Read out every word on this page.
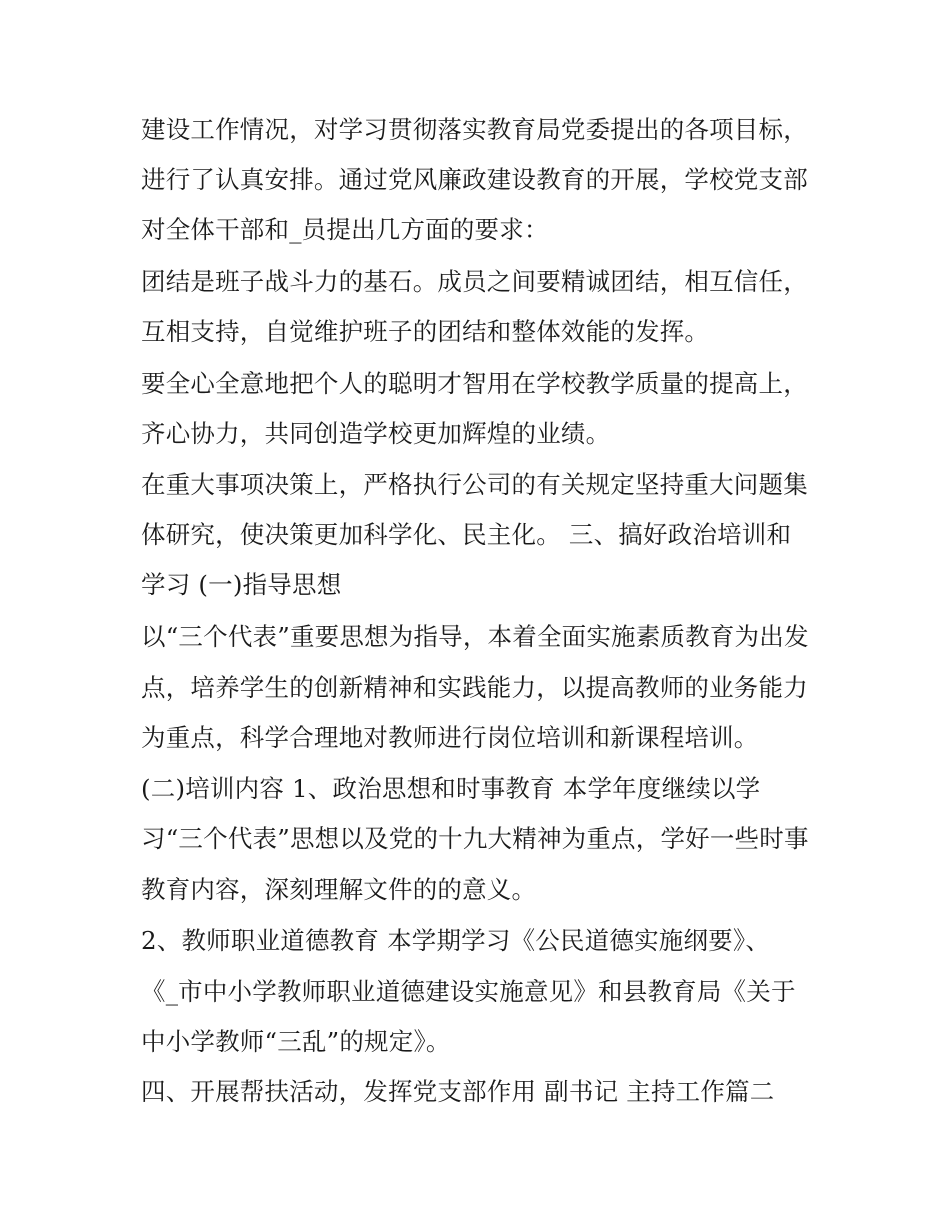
建设工作情况，对学习贯彻落实教育局党委提出的各项目标，
进行了认真安排。通过党风廉政建设教育的开展，学校党支部
对全体干部和_员提出几方面的要求：
团结是班子战斗力的基石。成员之间要精诚团结，相互信任，
互相支持，自觉维护班子的团结和整体效能的发挥。
要全心全意地把个人的聪明才智用在学校教学质量的提高上，
齐心协力，共同创造学校更加辉煌的业绩。
在重大事项决策上，严格执行公司的有关规定坚持重大问题集
体研究，使决策更加科学化、民主化。 三、搞好政治培训和
学习 (一)指导思想
以“三个代表”重要思想为指导，本着全面实施素质教育为出发
点，培养学生的创新精神和实践能力，以提高教师的业务能力
为重点，科学合理地对教师进行岗位培训和新课程培训。
(二)培训内容 1、政治思想和时事教育 本学年度继续以学
习“三个代表”思想以及党的十九大精神为重点，学好一些时事
教育内容，深刻理解文件的的意义。
2、教师职业道德教育 本学期学习《公民道德实施纲要》、
《_市中小学教师职业道德建设实施意见》和县教育局《关于
中小学教师“三乱”的规定》。
四、开展帮扶活动，发挥党支部作用 副书记 主持工作篇二
